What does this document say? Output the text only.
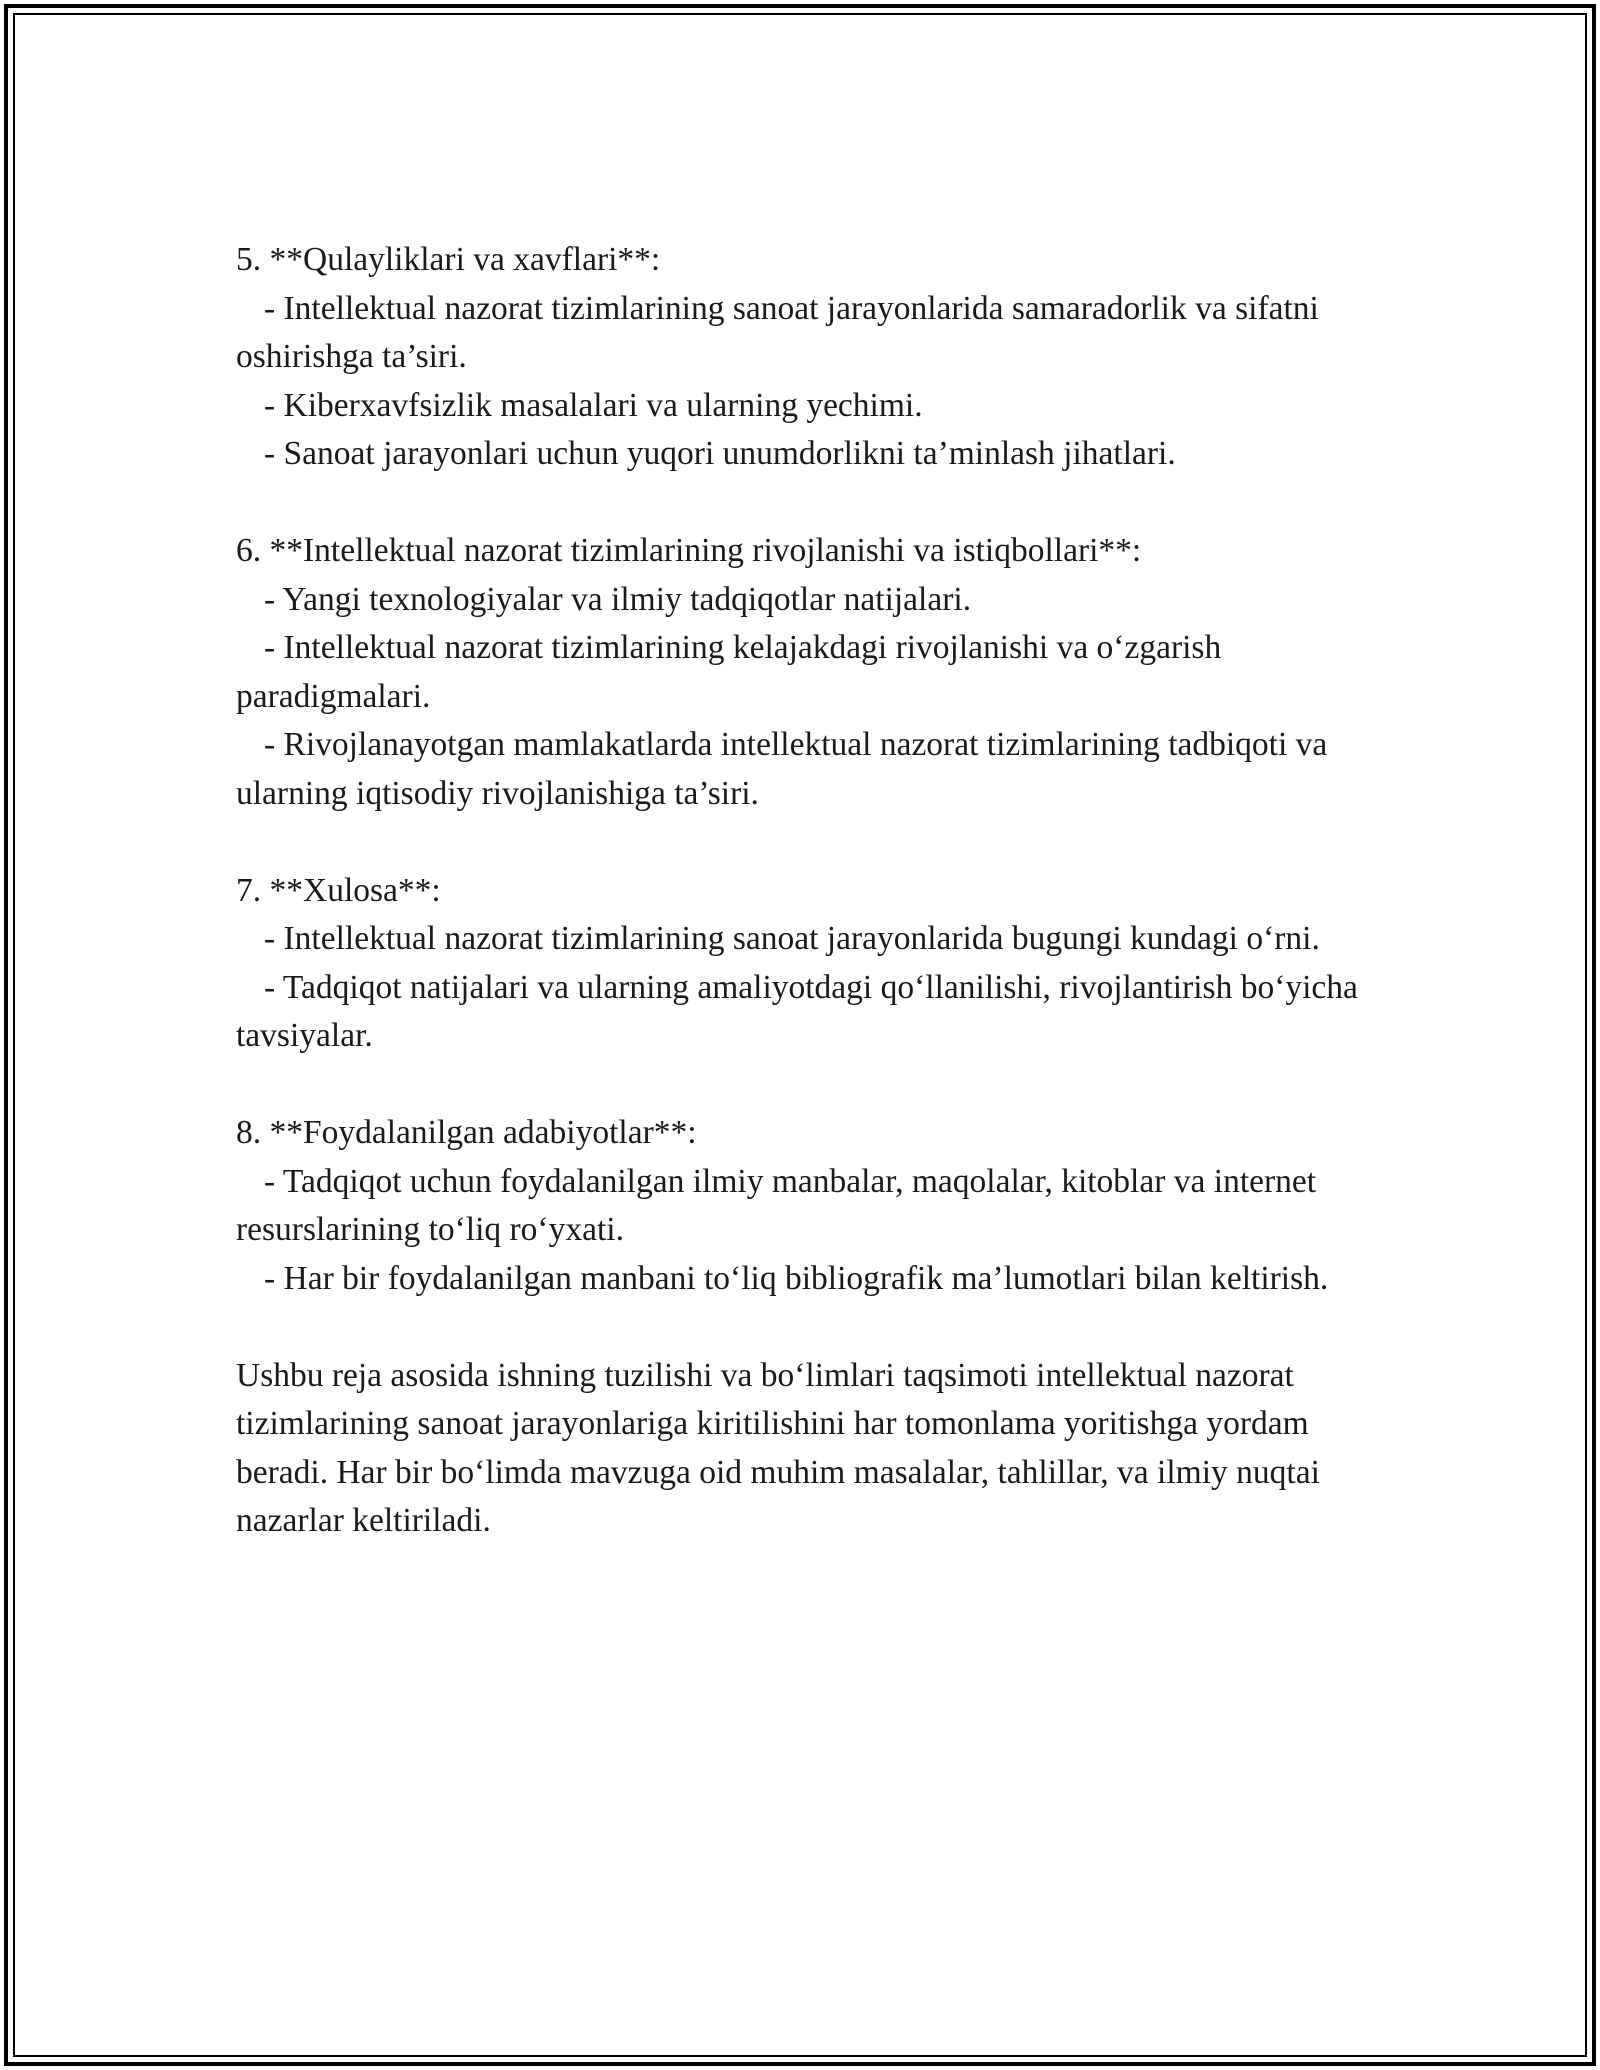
5. **Qulayliklari va xavflari**:
- Intellektual nazorat tizimlarining sanoat jarayonlarida samaradorlik va sifatni oshirishga ta’siri.
- Kiberxavfsizlik masalalari va ularning yechimi.
- Sanoat jarayonlari uchun yuqori unumdorlikni ta’minlash jihatlari.
6. **Intellektual nazorat tizimlarining rivojlanishi va istiqbollari**:
- Yangi texnologiyalar va ilmiy tadqiqotlar natijalari.
- Intellektual nazorat tizimlarining kelajakdagi rivojlanishi va o‘zgarish paradigmalari.
- Rivojlanayotgan mamlakatlarda intellektual nazorat tizimlarining tadbiqoti va ularning iqtisodiy rivojlanishiga ta’siri.
7. **Xulosa**:
- Intellektual nazorat tizimlarining sanoat jarayonlarida bugungi kundagi o‘rni.
- Tadqiqot natijalari va ularning amaliyotdagi qo‘llanilishi, rivojlantirish bo‘yicha tavsiyalar.
8. **Foydalanilgan adabiyotlar**:
- Tadqiqot uchun foydalanilgan ilmiy manbalar, maqolalar, kitoblar va internet resurslarining to‘liq ro‘yxati.
- Har bir foydalanilgan manbani to‘liq bibliografik ma’lumotlari bilan keltirish.

Ushbu reja asosida ishning tuzilishi va bo‘limlari taqsimoti intellektual nazorat tizimlarining sanoat jarayonlariga kiritilishini har tomonlama yoritishga yordam beradi. Har bir bo‘limda mavzuga oid muhim masalalar, tahlillar, va ilmiy nuqtai nazarlar keltiriladi.
